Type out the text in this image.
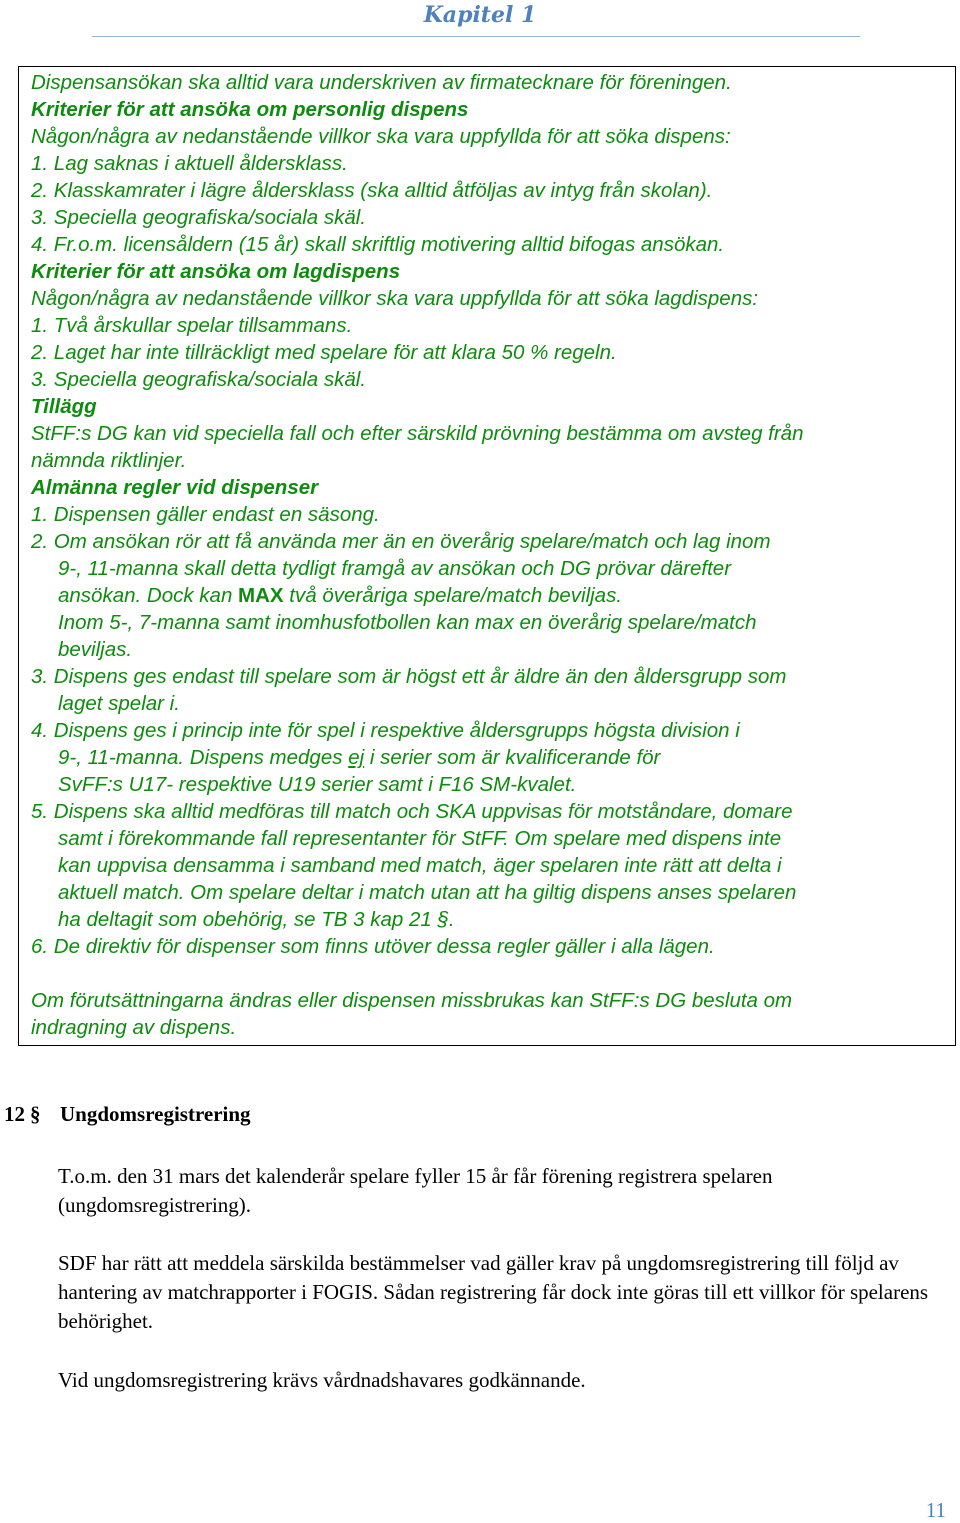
Kapitel 1

Dispensansökan ska alltid vara underskriven av firmatecknare för föreningen.

Kriterier för att ansöka om personlig dispens

Någon/några av nedanstående villkor ska vara uppfyllda för att söka dispens:

1. Lag saknas i aktuell åldersklass.

2. Klasskamrater i lägre åldersklass (ska alltid åtföljas av intyg från skolan).

3. Speciella geografiska/sociala skäl.

4. Fr.o.m. licensåldern (15 år) skall skriftlig motivering alltid bifogas ansökan.

Kriterier för att ansöka om lagdispens

Någon/några av nedanstående villkor ska vara uppfyllda för att söka lagdispens:

1. Två årskullar spelar tillsammans.

2. Laget har inte tillräckligt med spelare för att klara 50 % regeln.

3. Speciella geografiska/sociala skäl.

Tillägg

StFF:s DG kan vid speciella fall och efter särskild prövning bestämma om avsteg från

nämnda riktlinjer.

Almänna regler vid dispenser

1. Dispensen gäller endast en säsong.

2. Om ansökan rör att få använda mer än en överårig spelare/match och lag inom

9-, 11-manna skall detta tydligt framgå av ansökan och DG prövar därefter

ansökan. Dock kan MAX två överåriga spelare/match beviljas.

Inom 5-, 7-manna samt inomhusfotbollen kan max en överårig spelare/match

beviljas.

3. Dispens ges endast till spelare som är högst ett år äldre än den åldersgrupp som

laget spelar i.

4. Dispens ges i princip inte för spel i respektive åldersgrupps högsta division i

9-, 11-manna. Dispens medges ej i serier som är kvalificerande för

SvFF:s U17- respektive U19 serier samt i F16 SM-kvalet.

5. Dispens ska alltid medföras till match och SKA uppvisas för motståndare, domare

samt i förekommande fall representanter för StFF. Om spelare med dispens inte

kan uppvisa densamma i samband med match, äger spelaren inte rätt att delta i

aktuell match. Om spelare deltar i match utan att ha giltig dispens anses spelaren

ha deltagit som obehörig, se TB 3 kap 21 §.

6. De direktiv för dispenser som finns utöver dessa regler gäller i alla lägen.

Om förutsättningarna ändras eller dispensen missbrukas kan StFF:s DG besluta om

indragning av dispens.

12 § Ungdomsregistrering

T.o.m. den 31 mars det kalenderår spelare fyller 15 år får förening registrera spelaren (ungdomsregistrering).

SDF har rätt att meddela särskilda bestämmelser vad gäller krav på ungdomsregistrering till följd av hantering av matchrapporter i FOGIS. Sådan registrering får dock inte göras till ett villkor för spelarens behörighet.

Vid ungdomsregistrering krävs vårdnadshavares godkännande.

11
